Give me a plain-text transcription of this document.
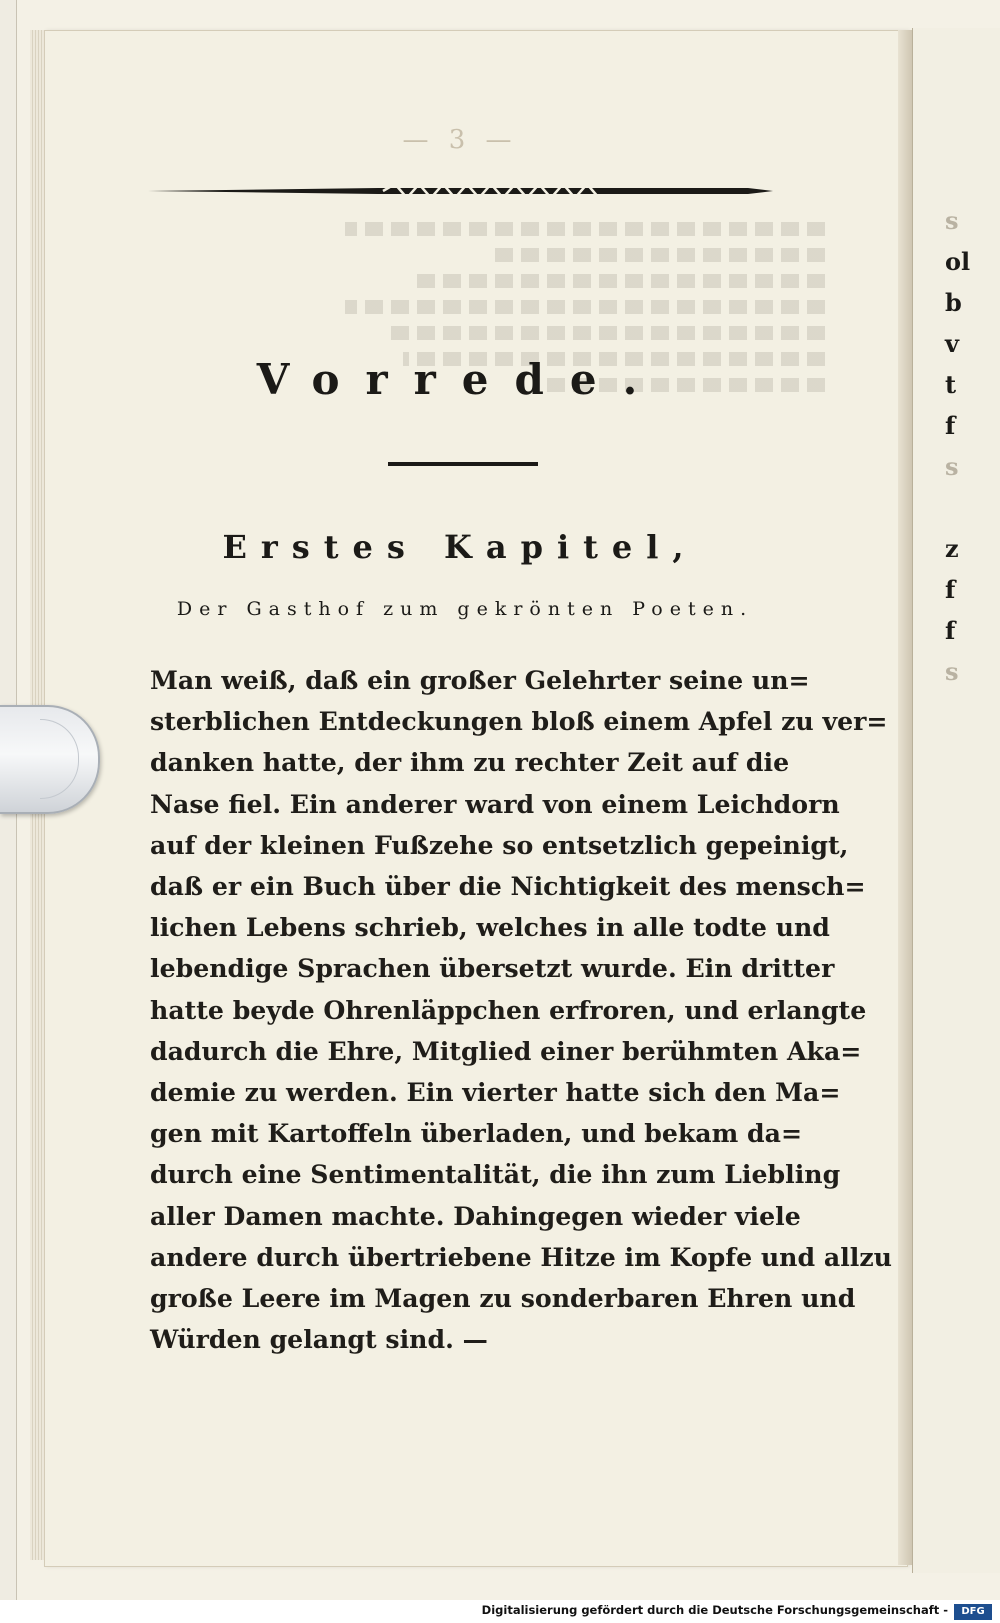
— 3 —
Vorrede.
Erstes Kapitel,
Der Gasthof zum gekrönten Poeten.
Man weiß, daß ein großer Gelehrter seine un=
sterblichen Entdeckungen bloß einem Apfel zu ver=
danken hatte, der ihm zu rechter Zeit auf die
Nase fiel. Ein anderer ward von einem Leichdorn
auf der kleinen Fußzehe so entsetzlich gepeinigt,
daß er ein Buch über die Nichtigkeit des mensch=
lichen Lebens schrieb, welches in alle todte und
lebendige Sprachen übersetzt wurde. Ein dritter
hatte beyde Ohrenläppchen erfroren, und erlangte
dadurch die Ehre, Mitglied einer berühmten Aka=
demie zu werden. Ein vierter hatte sich den Ma=
gen mit Kartoffeln überladen, und bekam da=
durch eine Sentimentalität, die ihn zum Liebling
aller Damen machte. Dahingegen wieder viele
andere durch übertriebene Hitze im Kopfe und allzu
große Leere im Magen zu sonderbaren Ehren und
Würden gelangt sind. —
s
ol
b
v
t
f
s
z
f
f
s
Digitalisierung gefördert durch die Deutsche Forschungsgemeinschaft -	DFG
